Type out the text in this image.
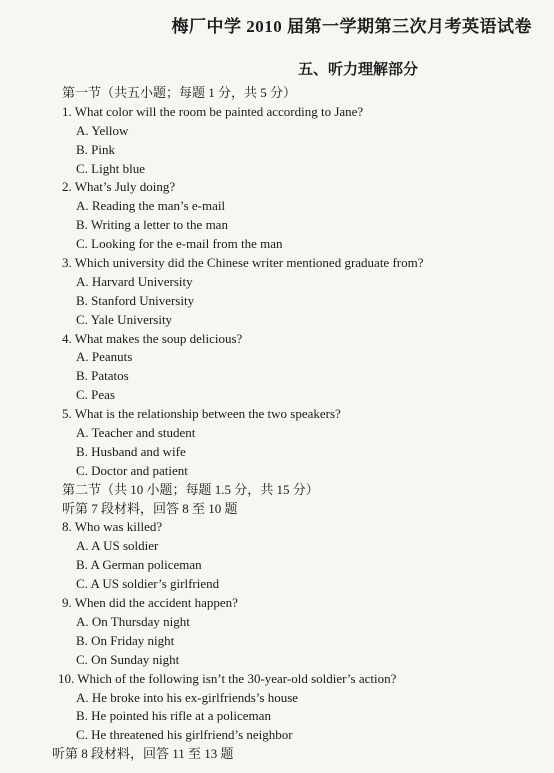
梅厂中学 2010 届第一学期第三次月考英语试卷
五、听力理解部分
第一节（共五小题；每题 1 分，共 5 分）
1. What color will the room be painted according to Jane?
A. Yellow
B. Pink
C. Light blue
2. What’s July doing?
A. Reading the man’s e-mail
B. Writing a letter to the man
C. Looking for the e-mail from the man
3. Which university did the Chinese writer mentioned graduate from?
A. Harvard University
B. Stanford University
C. Yale University
4. What makes the soup delicious?
A. Peanuts
B. Patatos
C. Peas
5. What is the relationship between the two speakers?
A. Teacher and student
B. Husband and wife
C. Doctor and patient
第二节（共 10 小题；每题 1.5 分，共 15 分）
听第 7 段材料，回答 8 至 10 题
8. Who was killed?
A. A US soldier
B. A German policeman
C. A US soldier’s girlfriend
9. When did the accident happen?
A. On Thursday night
B. On Friday night
C. On Sunday night
10. Which of the following isn’t the 30-year-old soldier’s action?
A. He broke into his ex-girlfriends’s house
B. He pointed his rifle at a policeman
C. He threatened his girlfriend’s neighbor
听第 8 段材料，回答 11 至 13 题
